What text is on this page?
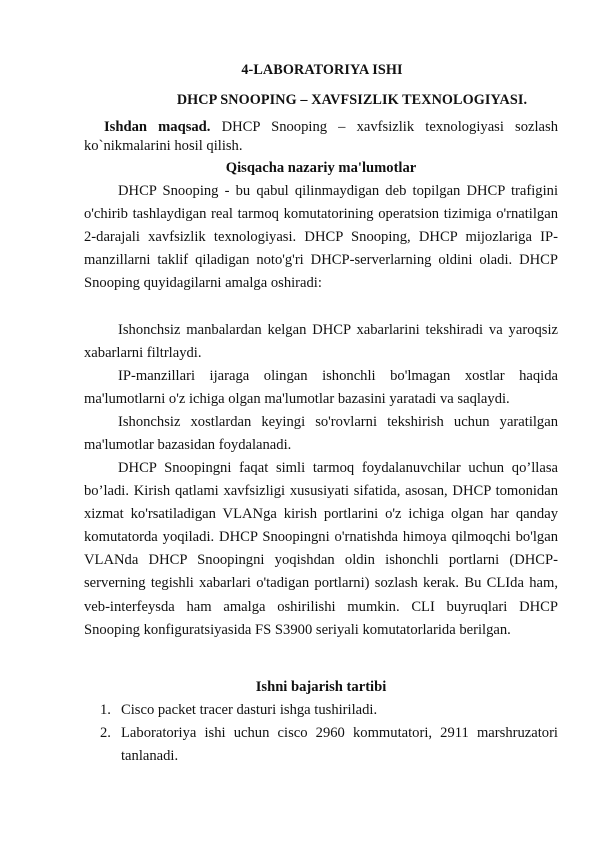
4-LABORATORIYA ISHI
DHCP SNOOPING – XAVFSIZLIK TEXNOLOGIYASI.
Ishdan maqsad. DHCP Snooping – xavfsizlik texnologiyasi sozlash ko`nikmalarini hosil qilish.
Qisqacha nazariy ma'lumotlar

DHCP Snooping - bu qabul qilinmaydigan deb topilgan DHCP trafigini o'chirib tashlaydigan real tarmoq komutatorining operatsion tizimiga o'rnatilgan 2-darajali xavfsizlik texnologiyasi. DHCP Snooping, DHCP mijozlariga IP-manzillarni taklif qiladigan noto'g'ri DHCP-serverlarning oldini oladi. DHCP Snooping quyidagilarni amalga oshiradi:

Ishonchsiz manbalardan kelgan DHCP xabarlarini tekshiradi va yaroqsiz xabarlarni filtrlaydi.

IP-manzillari ijaraga olingan ishonchli bo'lmagan xostlar haqida ma'lumotlarni o'z ichiga olgan ma'lumotlar bazasini yaratadi va saqlaydi.

Ishonchsiz xostlardan keyingi so'rovlarni tekshirish uchun yaratilgan ma'lumotlar bazasidan foydalanadi.

DHCP Snoopingni faqat simli tarmoq foydalanuvchilar uchun qo’llasa bo’ladi. Kirish qatlami xavfsizligi xususiyati sifatida, asosan, DHCP tomonidan xizmat ko'rsatiladigan VLANga kirish portlarini o'z ichiga olgan har qanday komutatorda yoqiladi. DHCP Snoopingni o'rnatishda himoya qilmoqchi bo'lgan VLANda DHCP Snoopingni yoqishdan oldin ishonchli portlarni (DHCP-serverning tegishli xabarlari o'tadigan portlarni) sozlash kerak. Bu CLIda ham, veb-interfeysda ham amalga oshirilishi mumkin. CLI buyruqlari DHCP Snooping konfiguratsiyasida FS S3900 seriyali komutatorlarida berilgan.

Ishni bajarish tartibi
1. Cisco packet tracer dasturi ishga tushiriladi.
2. Laboratoriya ishi uchun cisco 2960 kommutatori, 2911 marshruzatori tanlanadi.
